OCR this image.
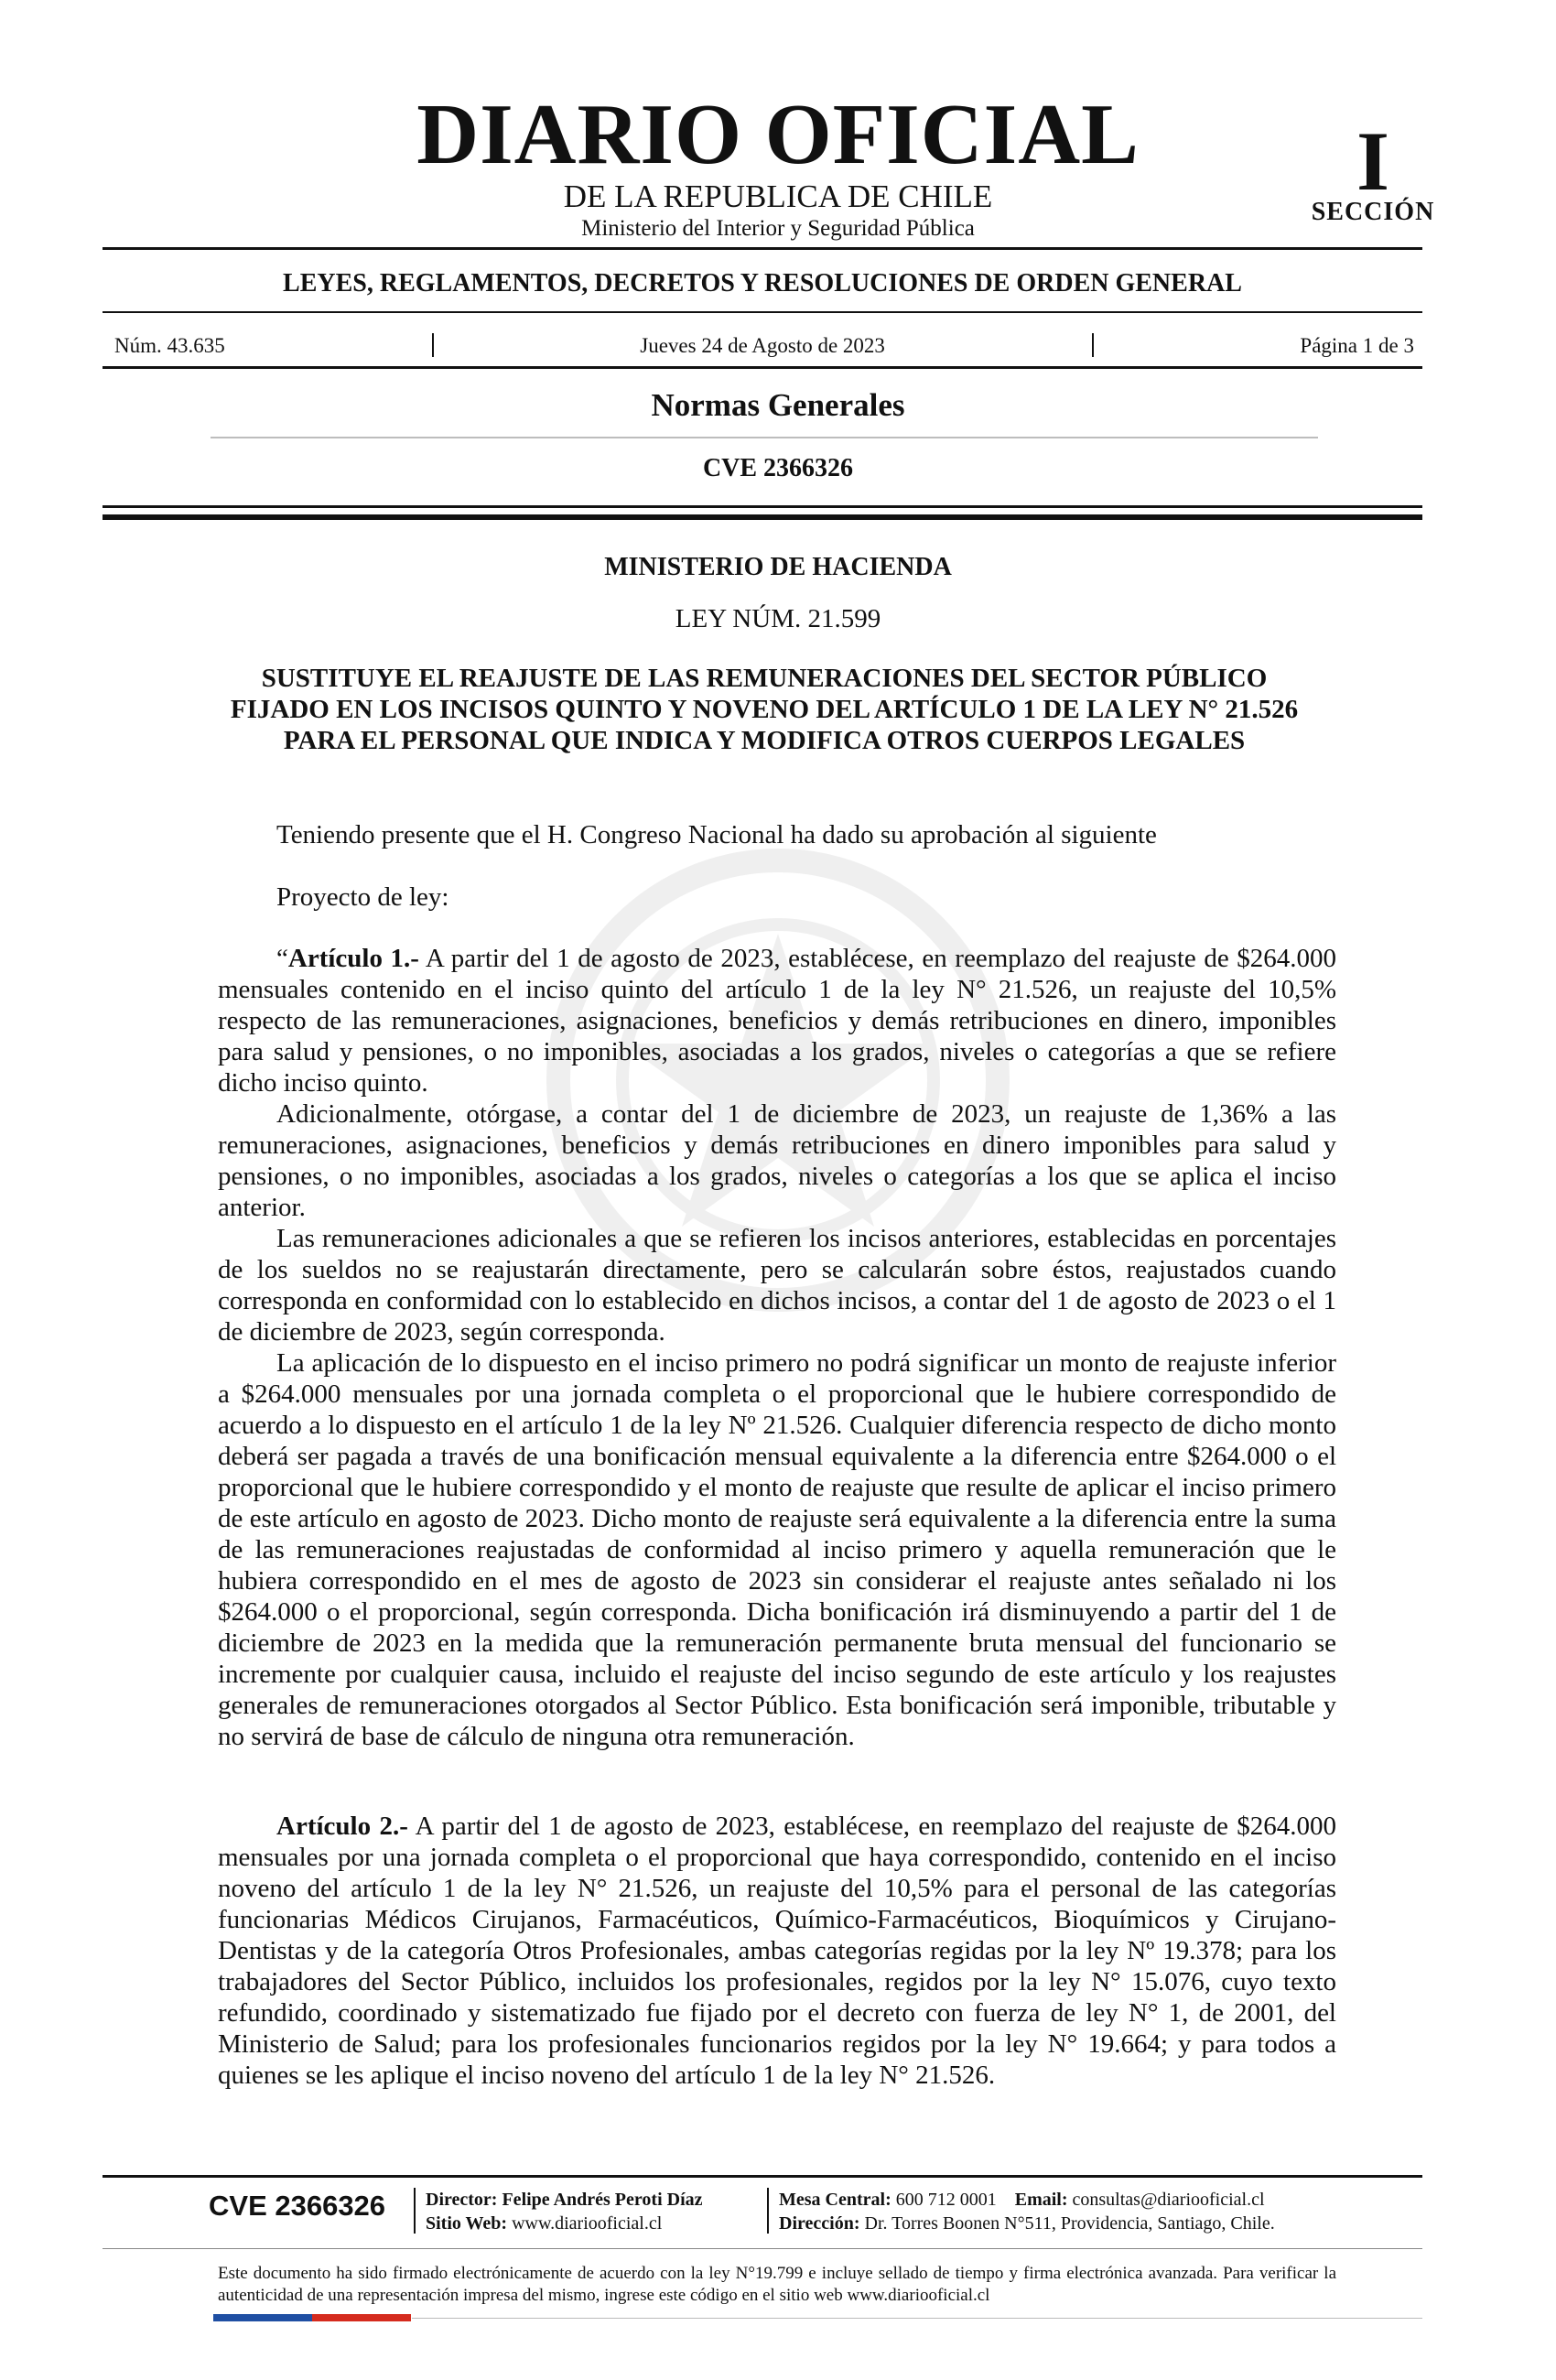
DIARIO OFICIAL
DE LA REPUBLICA DE CHILE
Ministerio del Interior y Seguridad Pública
I
SECCIÓN
LEYES, REGLAMENTOS, DECRETOS Y RESOLUCIONES DE ORDEN GENERAL
Núm. 43.635	Jueves 24 de Agosto de 2023	Página 1 de 3
Normas Generales
CVE 2366326
MINISTERIO DE HACIENDA
LEY NÚM. 21.599
SUSTITUYE EL REAJUSTE DE LAS REMUNERACIONES DEL SECTOR PÚBLICO FIJADO EN LOS INCISOS QUINTO Y NOVENO DEL ARTÍCULO 1 DE LA LEY N° 21.526 PARA EL PERSONAL QUE INDICA Y MODIFICA OTROS CUERPOS LEGALES
Teniendo presente que el H. Congreso Nacional ha dado su aprobación al siguiente
Proyecto de ley:

“Artículo 1.- A partir del 1 de agosto de 2023, establécese, en reemplazo del reajuste de $264.000 mensuales contenido en el inciso quinto del artículo 1 de la ley N° 21.526, un reajuste del 10,5% respecto de las remuneraciones, asignaciones, beneficios y demás retribuciones en dinero, imponibles para salud y pensiones, o no imponibles, asociadas a los grados, niveles o categorías a que se refiere dicho inciso quinto.

Adicionalmente, otórgase, a contar del 1 de diciembre de 2023, un reajuste de 1,36% a las remuneraciones, asignaciones, beneficios y demás retribuciones en dinero imponibles para salud y pensiones, o no imponibles, asociadas a los grados, niveles o categorías a los que se aplica el inciso anterior.

Las remuneraciones adicionales a que se refieren los incisos anteriores, establecidas en porcentajes de los sueldos no se reajustarán directamente, pero se calcularán sobre éstos, reajustados cuando corresponda en conformidad con lo establecido en dichos incisos, a contar del 1 de agosto de 2023 o el 1 de diciembre de 2023, según corresponda.

La aplicación de lo dispuesto en el inciso primero no podrá significar un monto de reajuste inferior a $264.000 mensuales por una jornada completa o el proporcional que le hubiere correspondido de acuerdo a lo dispuesto en el artículo 1 de la ley Nº 21.526. Cualquier diferencia respecto de dicho monto deberá ser pagada a través de una bonificación mensual equivalente a la diferencia entre $264.000 o el proporcional que le hubiere correspondido y el monto de reajuste que resulte de aplicar el inciso primero de este artículo en agosto de 2023. Dicho monto de reajuste será equivalente a la diferencia entre la suma de las remuneraciones reajustadas de conformidad al inciso primero y aquella remuneración que le hubiera correspondido en el mes de agosto de 2023 sin considerar el reajuste antes señalado ni los $264.000 o el proporcional, según corresponda. Dicha bonificación irá disminuyendo a partir del 1 de diciembre de 2023 en la medida que la remuneración permanente bruta mensual del funcionario se incremente por cualquier causa, incluido el reajuste del inciso segundo de este artículo y los reajustes generales de remuneraciones otorgados al Sector Público. Esta bonificación será imponible, tributable y no servirá de base de cálculo de ninguna otra remuneración.

Artículo 2.- A partir del 1 de agosto de 2023, establécese, en reemplazo del reajuste de $264.000 mensuales por una jornada completa o el proporcional que haya correspondido, contenido en el inciso noveno del artículo 1 de la ley N° 21.526, un reajuste del 10,5% para el personal de las categorías funcionarias Médicos Cirujanos, Farmacéuticos, Químico-Farmacéuticos, Bioquímicos y Cirujano-Dentistas y de la categoría Otros Profesionales, ambas categorías regidas por la ley Nº 19.378; para los trabajadores del Sector Público, incluidos los profesionales, regidos por la ley N° 15.076, cuyo texto refundido, coordinado y sistematizado fue fijado por el decreto con fuerza de ley N° 1, de 2001, del Ministerio de Salud; para los profesionales funcionarios regidos por la ley N° 19.664; y para todos a quienes se les aplique el inciso noveno del artículo 1 de la ley N° 21.526.

CVE 2366326 Director: Felipe Andrés Peroti Díaz
Sitio Web: www.diariooficial.cl
Mesa Central: 600 712 0001 Email: consultas@diariooficial.cl
Dirección: Dr. Torres Boonen N°511, Providencia, Santiago, Chile.
Este documento ha sido firmado electrónicamente de acuerdo con la ley N°19.799 e incluye sellado de tiempo y firma electrónica avanzada. Para verificar la autenticidad de una representación impresa del mismo, ingrese este código en el sitio web www.diariooficial.cl
